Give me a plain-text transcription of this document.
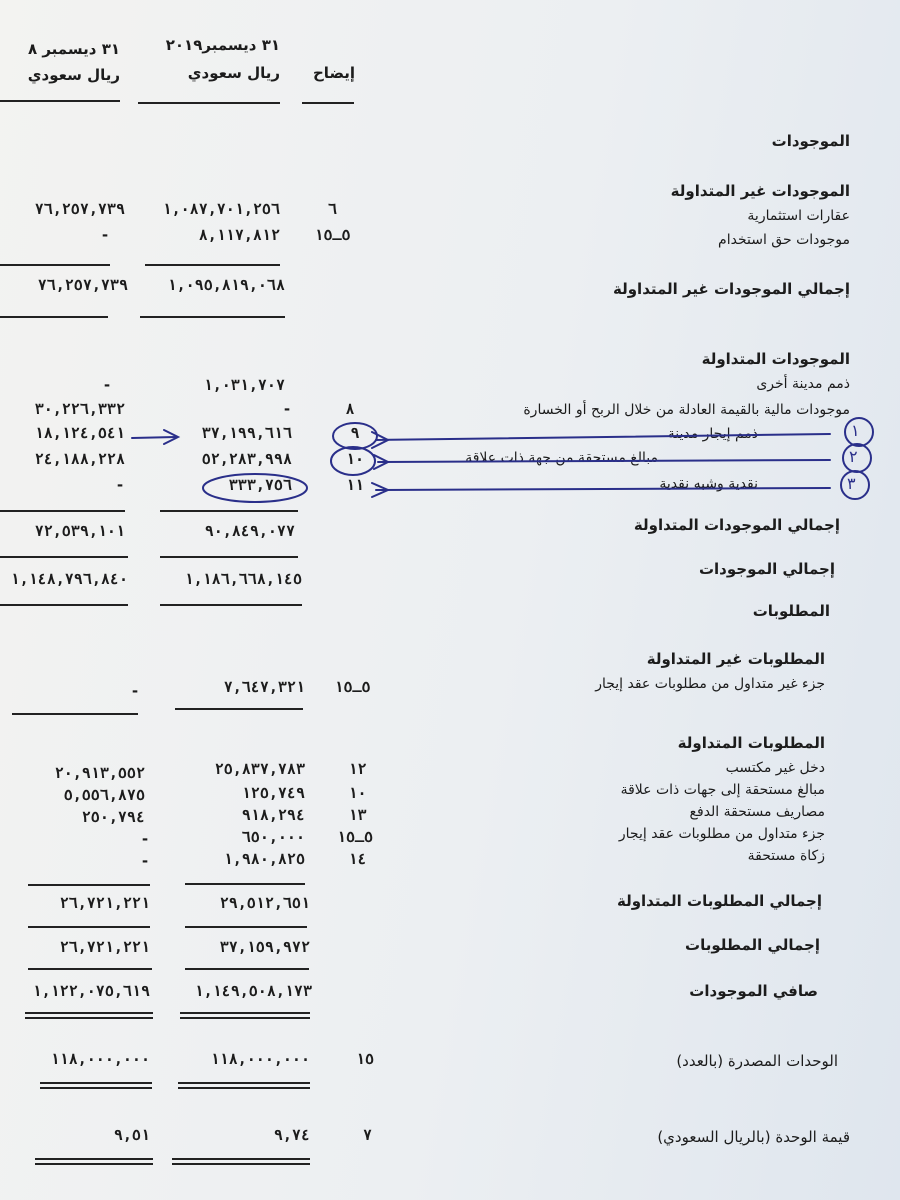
۳۱ ديسمبر ۸
ريال سعودي
۳۱ ديسمبر۲۰۱۹
ريال سعودي	إيضاح
الموجودات
الموجودات غير المتداولة
عقارات استثمارية
٦
١,٠٨٧,٧٠١,٢٥٦
٧٦,٢٥٧,٧٣٩
موجودات حق استخدام
٥ـ١٥
٨,١١٧,٨١٢
-
إجمالي الموجودات غير المتداولة
١,٠٩٥,٨١٩,٠٦٨
٧٦,٢٥٧,٧٣٩
الموجودات المتداولة
ذمم مدينة أخرى
١,٠٣١,٧٠٧
-
موجودات مالية بالقيمة العادلة من خلال الربح أو الخسارة
٨
-
٣٠,٢٢٦,٣٣٢
ذمم إيجار مدينة
٩
٣٧,١٩٩,٦١٦
١٨,١٢٤,٥٤١
مبالغ مستحقة من جهة ذات علاقة
١٠
٥٢,٢٨٣,٩٩٨
٢٤,١٨٨,٢٢٨
نقدية وشبه نقدية
١١
٣٣٣,٧٥٦
-
إجمالي الموجودات المتداولة
٩٠,٨٤٩,٠٧٧
٧٢,٥٣٩,١٠١
إجمالي الموجودات
١,١٨٦,٦٦٨,١٤٥
١,١٤٨,٧٩٦,٨٤٠
المطلوبات
المطلوبات غير المتداولة
جزء غير متداول من مطلوبات عقد إيجار
٥ـ١٥
٧,٦٤٧,٣٢١
-
المطلوبات المتداولة
دخل غير مكتسب
١٢
٢٥,٨٣٧,٧٨٣
٢٠,٩١٣,٥٥٢
مبالغ مستحقة إلى جهات ذات علاقة
١٠
١٢٥,٧٤٩
٥,٥٥٦,٨٧٥
مصاريف مستحقة الدفع
١٣
٩١٨,٢٩٤
٢٥٠,٧٩٤
جزء متداول من مطلوبات عقد إيجار
٥ـ١٥
٦٥٠,٠٠٠
-
زكاة مستحقة
١٤
١,٩٨٠,٨٢٥
-
إجمالي المطلوبات المتداولة
٢٩,٥١٢,٦٥١
٢٦,٧٢١,٢٢١
إجمالي المطلوبات
٣٧,١٥٩,٩٧٢
٢٦,٧٢١,٢٢١
صافي الموجودات
١,١٤٩,٥٠٨,١٧٣
١,١٢٢,٠٧٥,٦١٩
الوحدات المصدرة (بالعدد)
١٥
١١٨,٠٠٠,٠٠٠
١١٨,٠٠٠,٠٠٠
قيمة الوحدة (بالريال السعودي)
٧
٩,٧٤
٩,٥١
١
٢
٣
